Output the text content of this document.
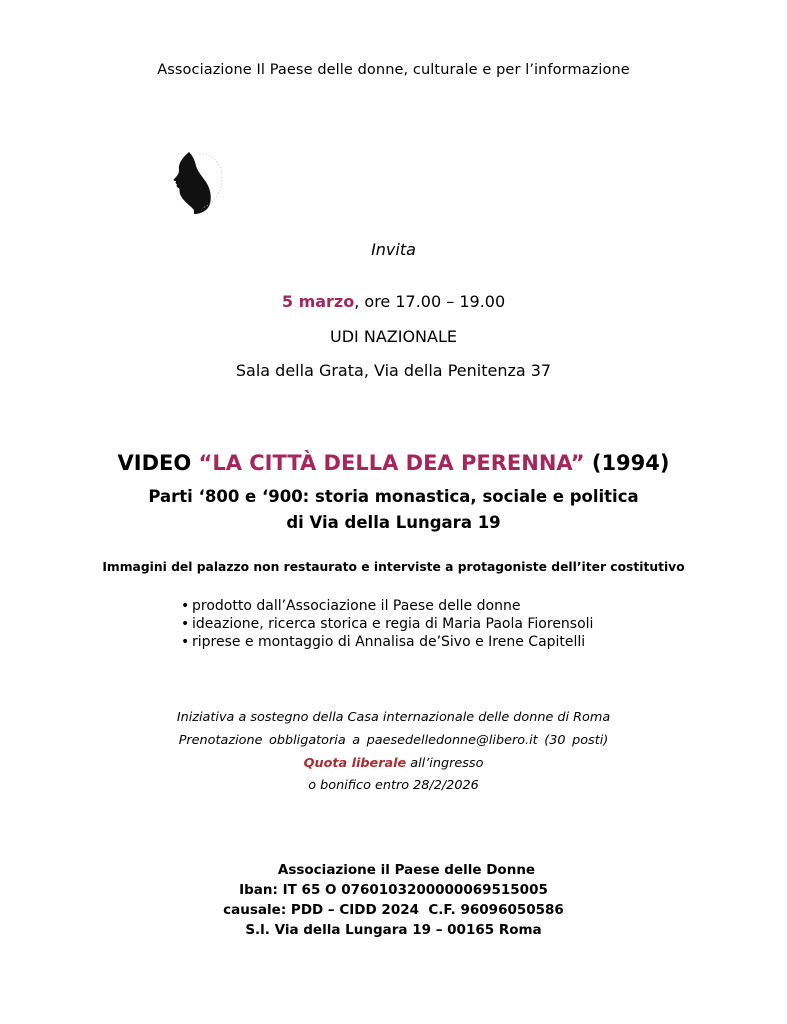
Associazione Il Paese delle donne, culturale e per l’informazione
Invita
5 marzo, ore 17.00 – 19.00
UDI NAZIONALE
Sala della Grata, Via della Penitenza 37
VIDEO “LA CITTÀ DELLA DEA PERENNA” (1994)
Parti ‘800 e ‘900: storia monastica, sociale e politica
di Via della Lungara 19
Immagini del palazzo non restaurato e interviste a protagoniste dell’iter costitutivo
• prodotto dall’Associazione il Paese delle donne
• ideazione, ricerca storica e regia di Maria Paola Fiorensoli
• riprese e montaggio di Annalisa de’Sivo e Irene Capitelli
Iniziativa a sostegno della Casa internazionale delle donne di Roma
Prenotazione obbligatoria a paesedelledonne@libero.it (30 posti)
Quota liberale all’ingresso
o bonifico entro 28/2/2026
Associazione il Paese delle Donne
Iban: IT 65 O 0760103200000069515005
causale: PDD – CIDD 2024  C.F. 96096050586
S.l. Via della Lungara 19 – 00165 Roma
